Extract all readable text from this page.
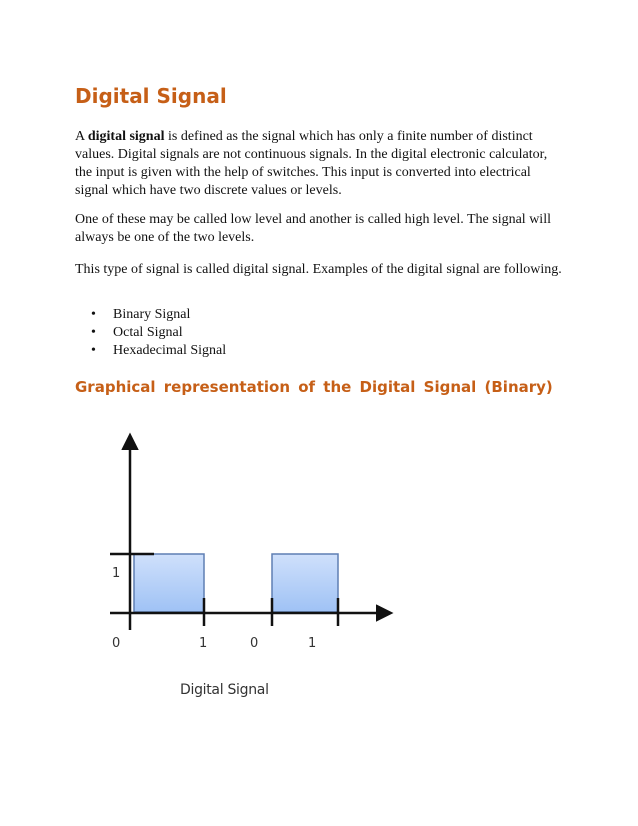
Digital Signal

A digital signal is defined as the signal which has only a finite number of distinct values. Digital signals are not continuous signals. In the digital electronic calculator, the input is given with the help of switches. This input is converted into electrical signal which have two discrete values or levels.

One of these may be called low level and another is called high level. The signal will always be one of the two levels.

This type of signal is called digital signal. Examples of the digital signal are following.

• Binary Signal
• Octal Signal
• Hexadecimal Signal
Graphical representation of the Digital Signal (Binary)
1
0	1	0	1
Digital Signal
